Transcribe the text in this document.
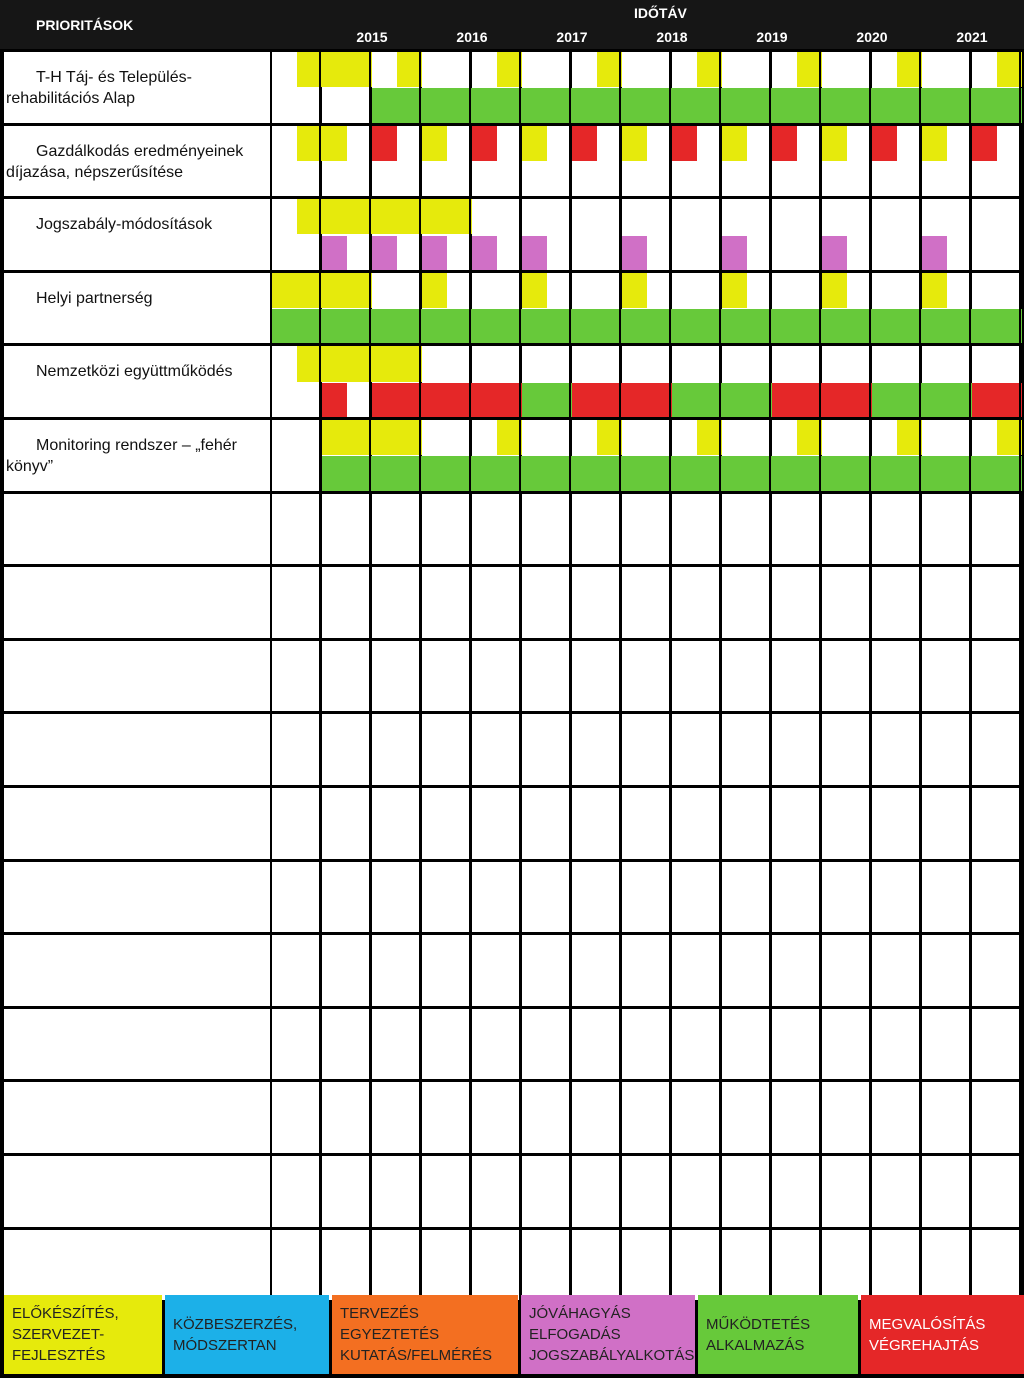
PRIORITÁSOK
IDŐTÁV
2015	2016	2017	2018	2019	2020	2021
T-H Táj- és Település-
rehabilitációs Alap
Gazdálkodás eredményeinek
díjazása, népszerűsítése
Jogszabály-módosítások
Helyi partnerség
Nemzetközi együttműködés
Monitoring rendszer – „fehér
könyv”
ELŐKÉSZÍTÉS,
SZERVEZET-
FEJLESZTÉS
KÖZBESZERZÉS,
MÓDSZERTAN
TERVEZÉS
EGYEZTETÉS
KUTATÁS/FELMÉRÉS
JÓVÁHAGYÁS
ELFOGADÁS
JOGSZABÁLYALKOTÁS
MŰKÖDTETÉS
ALKALMAZÁS
MEGVALÓSÍTÁS
VÉGREHAJTÁS
